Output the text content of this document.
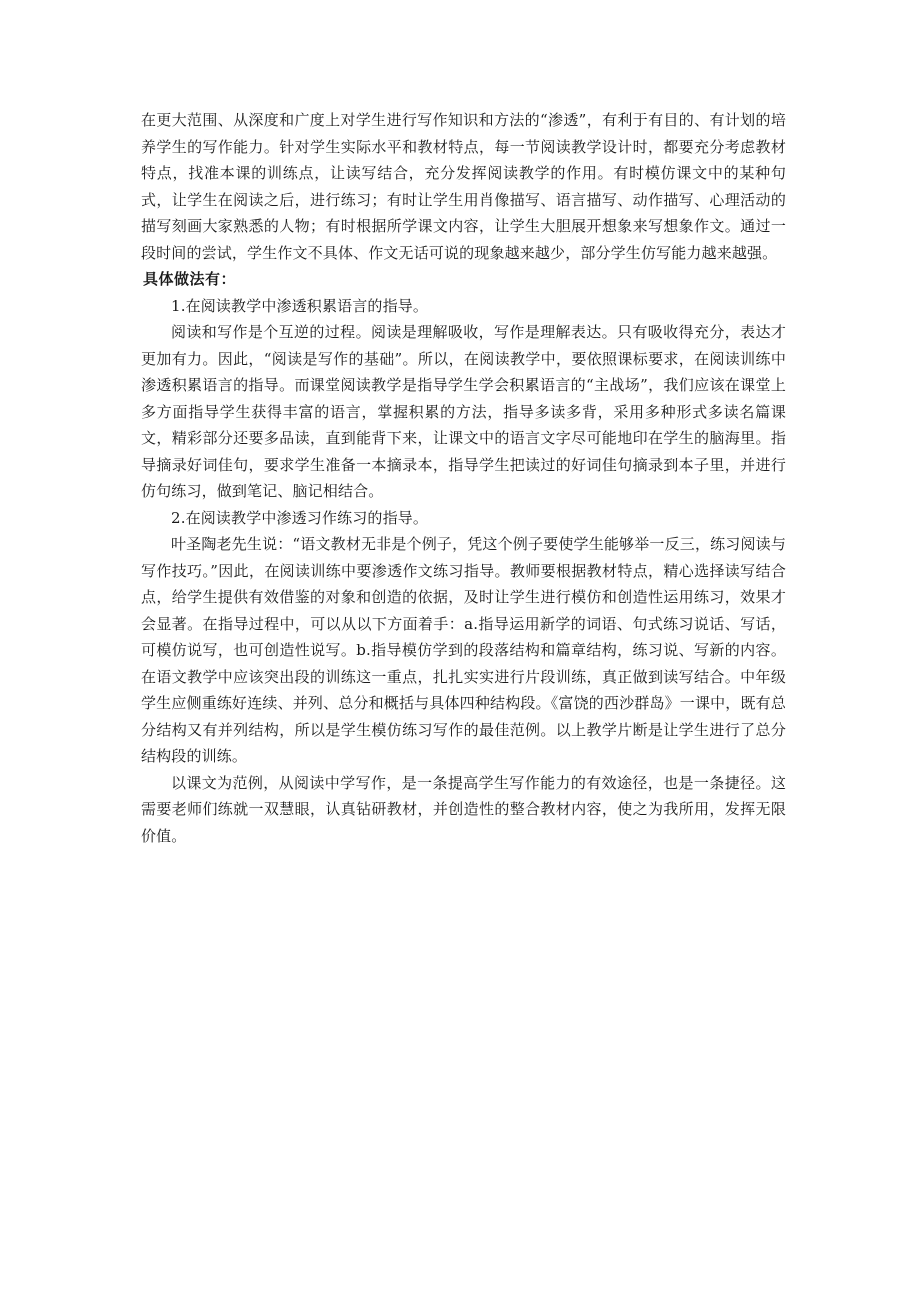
在更大范围、从深度和广度上对学生进行写作知识和方法的“渗透”，有利于有目的、有计划的培养学生的写作能力。针对学生实际水平和教材特点，每一节阅读教学设计时，都要充分考虑教材特点，找准本课的训练点，让读写结合，充分发挥阅读教学的作用。有时模仿课文中的某种句式，让学生在阅读之后，进行练习；有时让学生用肖像描写、语言描写、动作描写、心理活动的描写刻画大家熟悉的人物；有时根据所学课文内容，让学生大胆展开想象来写想象作文。通过一段时间的尝试，学生作文不具体、作文无话可说的现象越来越少，部分学生仿写能力越来越强。

具体做法有：

1.在阅读教学中渗透积累语言的指导。

阅读和写作是个互逆的过程。阅读是理解吸收，写作是理解表达。只有吸收得充分，表达才更加有力。因此，“阅读是写作的基础”。所以，在阅读教学中，要依照课标要求，在阅读训练中渗透积累语言的指导。而课堂阅读教学是指导学生学会积累语言的“主战场”，我们应该在课堂上多方面指导学生获得丰富的语言，掌握积累的方法，指导多读多背，采用多种形式多读名篇课文，精彩部分还要多品读，直到能背下来，让课文中的语言文字尽可能地印在学生的脑海里。指导摘录好词佳句，要求学生准备一本摘录本，指导学生把读过的好词佳句摘录到本子里，并进行仿句练习，做到笔记、脑记相结合。

2.在阅读教学中渗透习作练习的指导。

叶圣陶老先生说：“语文教材无非是个例子，凭这个例子要使学生能够举一反三，练习阅读与写作技巧。”因此，在阅读训练中要渗透作文练习指导。教师要根据教材特点，精心选择读写结合点，给学生提供有效借鉴的对象和创造的依据，及时让学生进行模仿和创造性运用练习，效果才会显著。在指导过程中，可以从以下方面着手：a.指导运用新学的词语、句式练习说话、写话，可模仿说写，也可创造性说写。b.指导模仿学到的段落结构和篇章结构，练习说、写新的内容。在语文教学中应该突出段的训练这一重点，扎扎实实进行片段训练，真正做到读写结合。中年级学生应侧重练好连续、并列、总分和概括与具体四种结构段。《富饶的西沙群岛》一课中，既有总分结构又有并列结构，所以是学生模仿练习写作的最佳范例。以上教学片断是让学生进行了总分结构段的训练。

以课文为范例，从阅读中学写作，是一条提高学生写作能力的有效途径，也是一条捷径。这需要老师们练就一双慧眼，认真钻研教材，并创造性的整合教材内容，使之为我所用，发挥无限价值。
